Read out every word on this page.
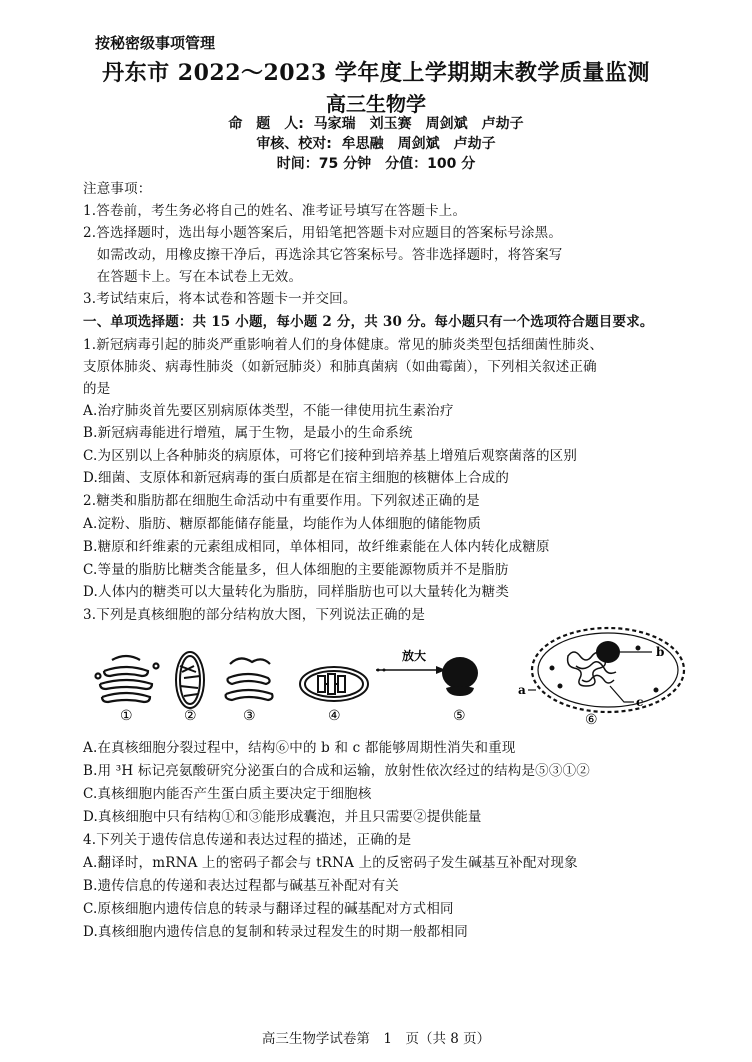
按秘密级事项管理
丹东市 2022～2023 学年度上学期期末教学质量监测
高三生物学
命　题　人: 马家瑞　刘玉赛　周剑斌　卢劫子
审核、校对: 牟思融　周剑斌　卢劫子
时间：75 分钟　分值：100 分
注意事项：
1.答卷前，考生务必将自己的姓名、准考证号填写在答题卡上。
2.答选择题时，选出每小题答案后，用铅笔把答题卡对应题目的答案标号涂黑。
　如需改动，用橡皮擦干净后，再选涂其它答案标号。答非选择题时，将答案写
　在答题卡上。写在本试卷上无效。
3.考试结束后，将本试卷和答题卡一并交回。
一、单项选择题：共 15 小题，每小题 2 分，共 30 分。每小题只有一个选项符合题目要求。
1.新冠病毒引起的肺炎严重影响着人们的身体健康。常见的肺炎类型包括细菌性肺炎、
支原体肺炎、病毒性肺炎（如新冠肺炎）和肺真菌病（如曲霉菌），下列相关叙述正确
的是
A.治疗肺炎首先要区别病原体类型，不能一律使用抗生素治疗
B.新冠病毒能进行增殖，属于生物，是最小的生命系统
C.为区别以上各种肺炎的病原体，可将它们接种到培养基上增殖后观察菌落的区别
D.细菌、支原体和新冠病毒的蛋白质都是在宿主细胞的核糖体上合成的
2.糖类和脂肪都在细胞生命活动中有重要作用。下列叙述正确的是
A.淀粉、脂肪、糖原都能储存能量，均能作为人体细胞的储能物质
B.糖原和纤维素的元素组成相同，单体相同，故纤维素能在人体内转化成糖原
C.等量的脂肪比糖类含能量多，但人体细胞的主要能源物质并不是脂肪
D.人体内的糖类可以大量转化为脂肪，同样脂肪也可以大量转化为糖类
3.下列是真核细胞的部分结构放大图，下列说法正确的是
放大	b
a
c
①	②	③	④	⑤	⑥
A.在真核细胞分裂过程中，结构⑥中的 b 和 c 都能够周期性消失和重现
B.用 ³H 标记亮氨酸研究分泌蛋白的合成和运输，放射性依次经过的结构是⑤③①②
C.真核细胞内能否产生蛋白质主要决定于细胞核
D.真核细胞中只有结构①和③能形成囊泡，并且只需要②提供能量
4.下列关于遗传信息传递和表达过程的描述，正确的是
A.翻译时，mRNA 上的密码子都会与 tRNA 上的反密码子发生碱基互补配对现象
B.遗传信息的传递和表达过程都与碱基互补配对有关
C.原核细胞内遗传信息的转录与翻译过程的碱基配对方式相同
D.真核细胞内遗传信息的复制和转录过程发生的时期一般都相同
高三生物学试卷第　1　页（共 8 页）
